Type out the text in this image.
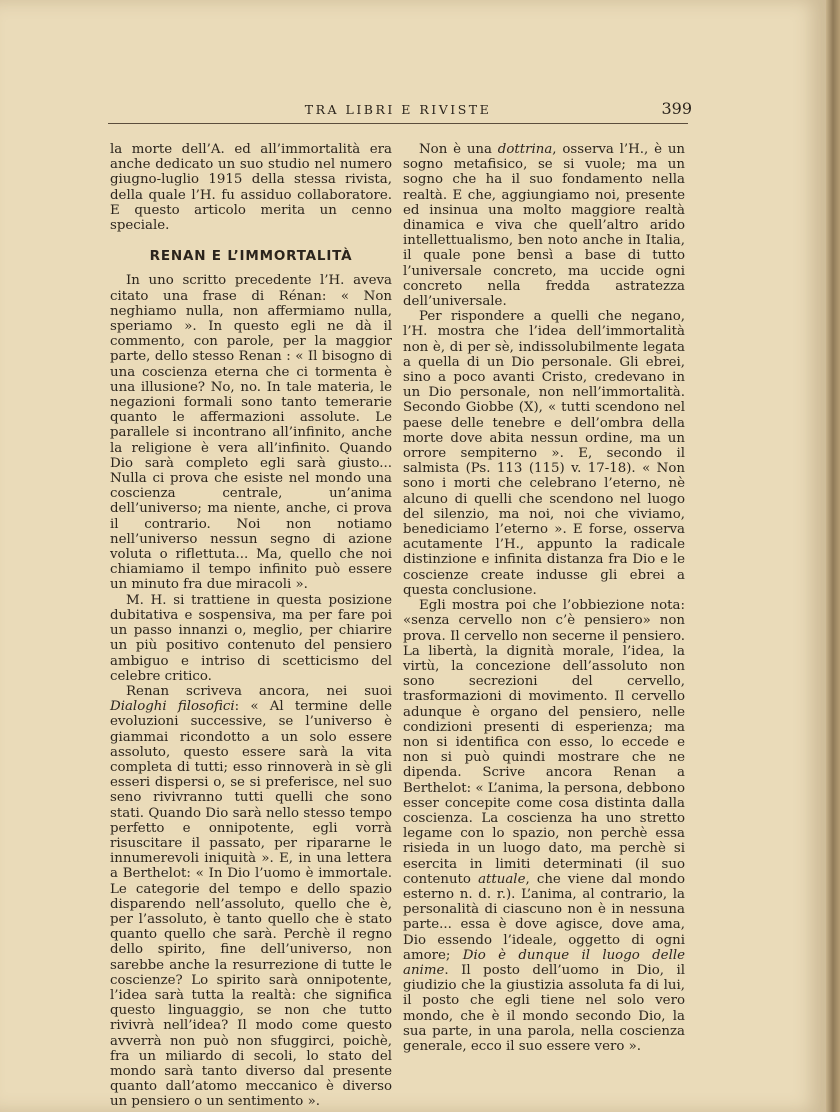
TRA LIBRI E RIVISTE	399

la morte dell’A. ed all’immortalità era anche dedicato un suo studio nel numero giugno-luglio 1915 della stessa rivista, della quale l’H. fu assiduo collaboratore. E questo articolo merita un cenno speciale.

RENAN E L’IMMORTALITÀ

In uno scritto precedente l’H. aveva citato una frase di Rénan: « Non neghiamo nulla, non affermiamo nulla, speriamo ». In questo egli ne dà il commento, con parole, per la maggior parte, dello stesso Renan : « Il bisogno di una coscienza eterna che ci tormenta è una illusione? No, no. In tale materia, le negazioni formali sono tanto temerarie quanto le affermazioni assolute. Le parallele si incontrano all’infinito, anche la religione è vera all’infinito. Quando Dio sarà completo egli sarà giusto... Nulla ci prova che esiste nel mondo una coscienza centrale, un’anima dell’universo; ma niente, anche, ci prova il contrario. Noi non notiamo nell’universo nessun segno di azione voluta o riflettuta... Ma, quello che noi chiamiamo il tempo infinito può essere un minuto fra due miracoli ».

M. H. si trattiene in questa posizione dubitativa e sospensiva, ma per fare poi un passo innanzi o, meglio, per chiarire un più positivo contenuto del pensiero ambiguo e intriso di scetticismo del celebre critico.

Renan scriveva ancora, nei suoi Dialoghi filosofici: « Al termine delle evoluzioni successive, se l’universo è giammai ricondotto a un solo essere assoluto, questo essere sarà la vita completa di tutti; esso rinnoverà in sè gli esseri dispersi o, se si preferisce, nel suo seno rivivranno tutti quelli che sono stati. Quando Dio sarà nello stesso tempo perfetto e onnipotente, egli vorrà risuscitare il passato, per ripararne le innumerevoli iniquità ». E, in una lettera a Berthelot: « In Dio l’uomo è immortale. Le categorie del tempo e dello spazio disparendo nell’assoluto, quello che è, per l’assoluto, è tanto quello che è stato quanto quello che sarà. Perchè il regno dello spirito, fine dell’universo, non sarebbe anche la resurrezione di tutte le coscienze? Lo spirito sarà onnipotente, l’idea sarà tutta la realtà: che significa questo linguaggio, se non che tutto rivivrà nell’idea? Il modo come questo avverrà non può non sfuggirci, poichè, fra un miliardo di secoli, lo stato del mondo sarà tanto diverso dal presente quanto dall’atomo meccanico è diverso un pensiero o un sentimento ».

Non è una dottrina, osserva l’H., è un sogno metafisico, se si vuole; ma un sogno che ha il suo fondamento nella realtà. E che, aggiungiamo noi, presente ed insinua una molto maggiore realtà dinamica e viva che quell’altro arido intellettualismo, ben noto anche in Italia, il quale pone bensì a base di tutto l’universale concreto, ma uccide ogni concreto nella fredda astratezza dell’universale.

Per rispondere a quelli che negano, l’H. mostra che l’idea dell’immortalità non è, di per sè, indissolubilmente legata a quella di un Dio personale. Gli ebrei, sino a poco avanti Cristo, credevano in un Dio personale, non nell’immortalità. Secondo Giobbe (X), « tutti scendono nel paese delle tenebre e dell’ombra della morte dove abita nessun ordine, ma un orrore sempiterno ». E, secondo il salmista (Ps. 113 (115) v. 17-18). « Non sono i morti che celebrano l’eterno, nè alcuno di quelli che scendono nel luogo del silenzio, ma noi, noi che viviamo, benediciamo l’eterno ». E forse, osserva acutamente l’H., appunto la radicale distinzione e infinita distanza fra Dio e le coscienze create indusse gli ebrei a questa conclusione.

Egli mostra poi che l’obbiezione nota: «senza cervello non c’è pensiero» non prova. Il cervello non secerne il pensiero. La libertà, la dignità morale, l’idea, la virtù, la concezione dell’assoluto non sono secrezioni del cervello, trasformazioni di movimento. Il cervello adunque è organo del pensiero, nelle condizioni presenti di esperienza; ma non si identifica con esso, lo eccede e non si può quindi mostrare che ne dipenda. Scrive ancora Renan a Berthelot: « L’anima, la persona, debbono esser concepite come cosa distinta dalla coscienza. La coscienza ha uno stretto legame con lo spazio, non perchè essa risieda in un luogo dato, ma perchè si esercita in limiti determinati (il suo contenuto attuale, che viene dal mondo esterno n. d. r.). L’anima, al contrario, la personalità di ciascuno non è in nessuna parte... essa è dove agisce, dove ama, Dio essendo l’ideale, oggetto di ogni amore; Dio è dunque il luogo delle anime. Il posto dell’uomo in Dio, il giudizio che la giustizia assoluta fa di lui, il posto che egli tiene nel solo vero mondo, che è il mondo secondo Dio, la sua parte, in una parola, nella coscienza generale, ecco il suo essere vero ».
